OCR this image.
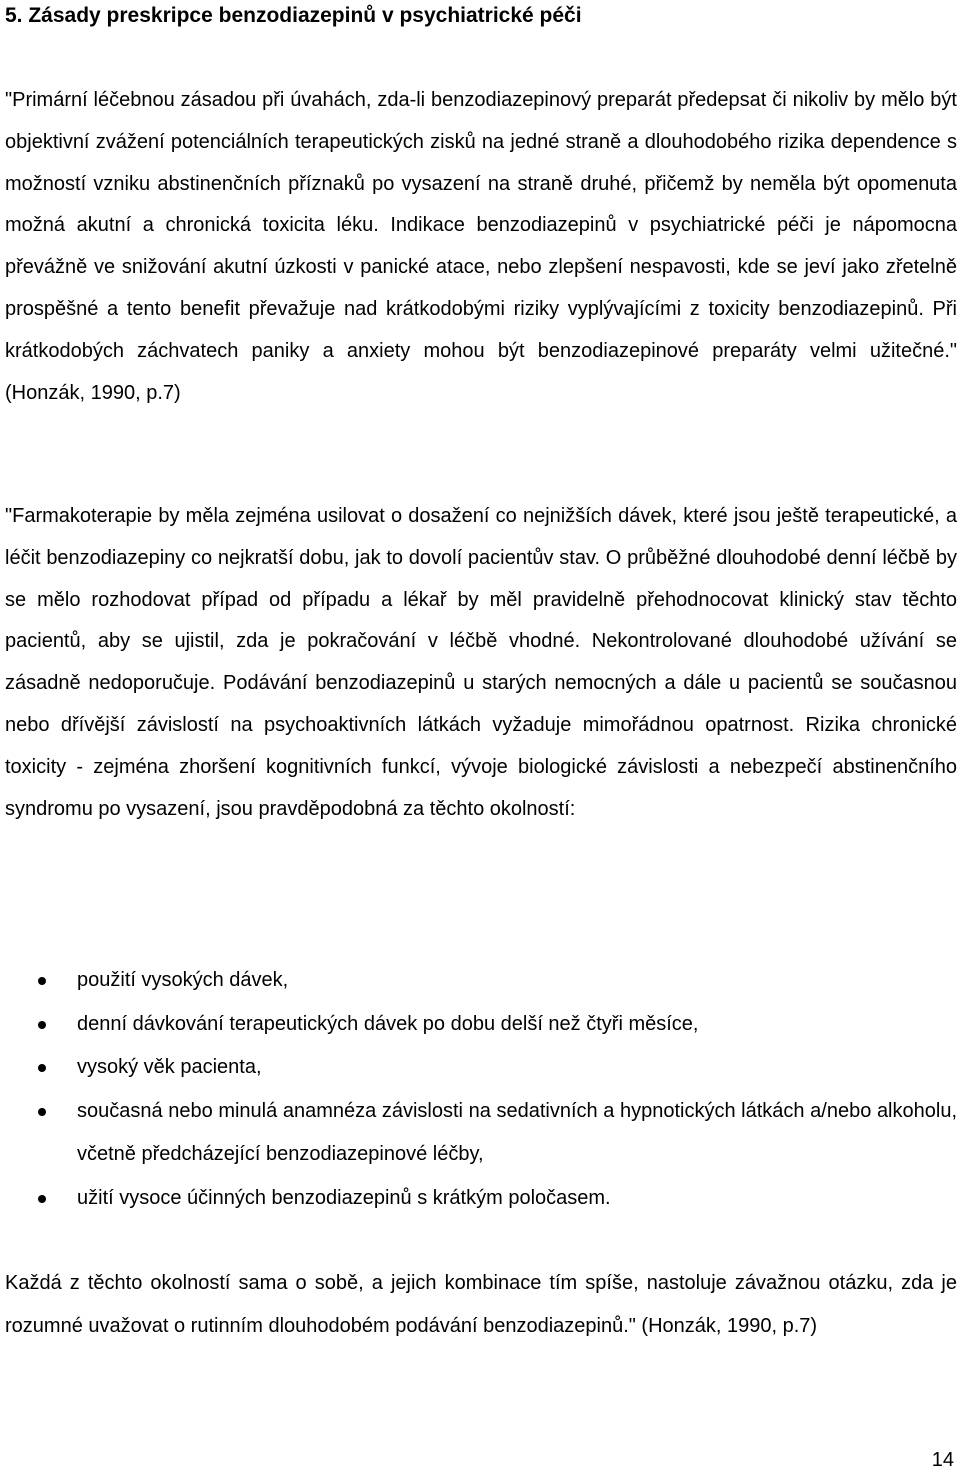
5. Zásady preskripce benzodiazepinů v psychiatrické péči

"Primární léčebnou zásadou při úvahách, zda-li benzodiazepinový preparát předepsat či nikoliv by mělo být objektivní zvážení potenciálních terapeutických zisků na jedné straně a dlouhodobého rizika dependence s možností vzniku abstinenčních příznaků po vysazení na straně druhé, přičemž by neměla být opomenuta možná akutní a chronická toxicita léku. Indikace benzodiazepinů v psychiatrické péči je nápomocna převážně ve snižování akutní úzkosti v panické atace, nebo zlepšení nespavosti, kde se jeví jako zřetelně prospěšné a tento benefit převažuje nad krátkodobými riziky vyplývajícími z toxicity benzodiazepinů. Při krátkodobých záchvatech paniky a anxiety mohou být benzodiazepinové preparáty velmi užitečné." (Honzák, 1990, p.7)

"Farmakoterapie by měla zejména usilovat o dosažení co nejnižších dávek, které jsou ještě terapeutické, a léčit benzodiazepiny co nejkratší dobu, jak to dovolí pacientův stav. O průběžné dlouhodobé denní léčbě by se mělo rozhodovat případ od případu a lékař by měl pravidelně přehodnocovat klinický stav těchto pacientů, aby se ujistil, zda je pokračování v léčbě vhodné. Nekontrolované dlouhodobé užívání se zásadně nedoporučuje. Podávání benzodiazepinů u starých nemocných a dále u pacientů se současnou nebo dřívější závislostí na psychoaktivních látkách vyžaduje mimořádnou opatrnost. Rizika chronické toxicity - zejména zhoršení kognitivních funkcí, vývoje biologické závislosti a nebezpečí abstinenčního syndromu po vysazení, jsou pravděpodobná za těchto okolností:

použití vysokých dávek,
denní dávkování terapeutických dávek po dobu delší než čtyři měsíce,
vysoký věk pacienta,
současná nebo minulá anamnéza závislosti na sedativních a hypnotických látkách a/nebo alkoholu, včetně předcházející benzodiazepinové léčby,
užití vysoce účinných benzodiazepinů s krátkým poločasem.

Každá z těchto okolností sama o sobě, a jejich kombinace tím spíše, nastoluje závažnou otázku, zda je rozumné uvažovat o rutinním dlouhodobém podávání benzodiazepinů." (Honzák, 1990, p.7)

14
